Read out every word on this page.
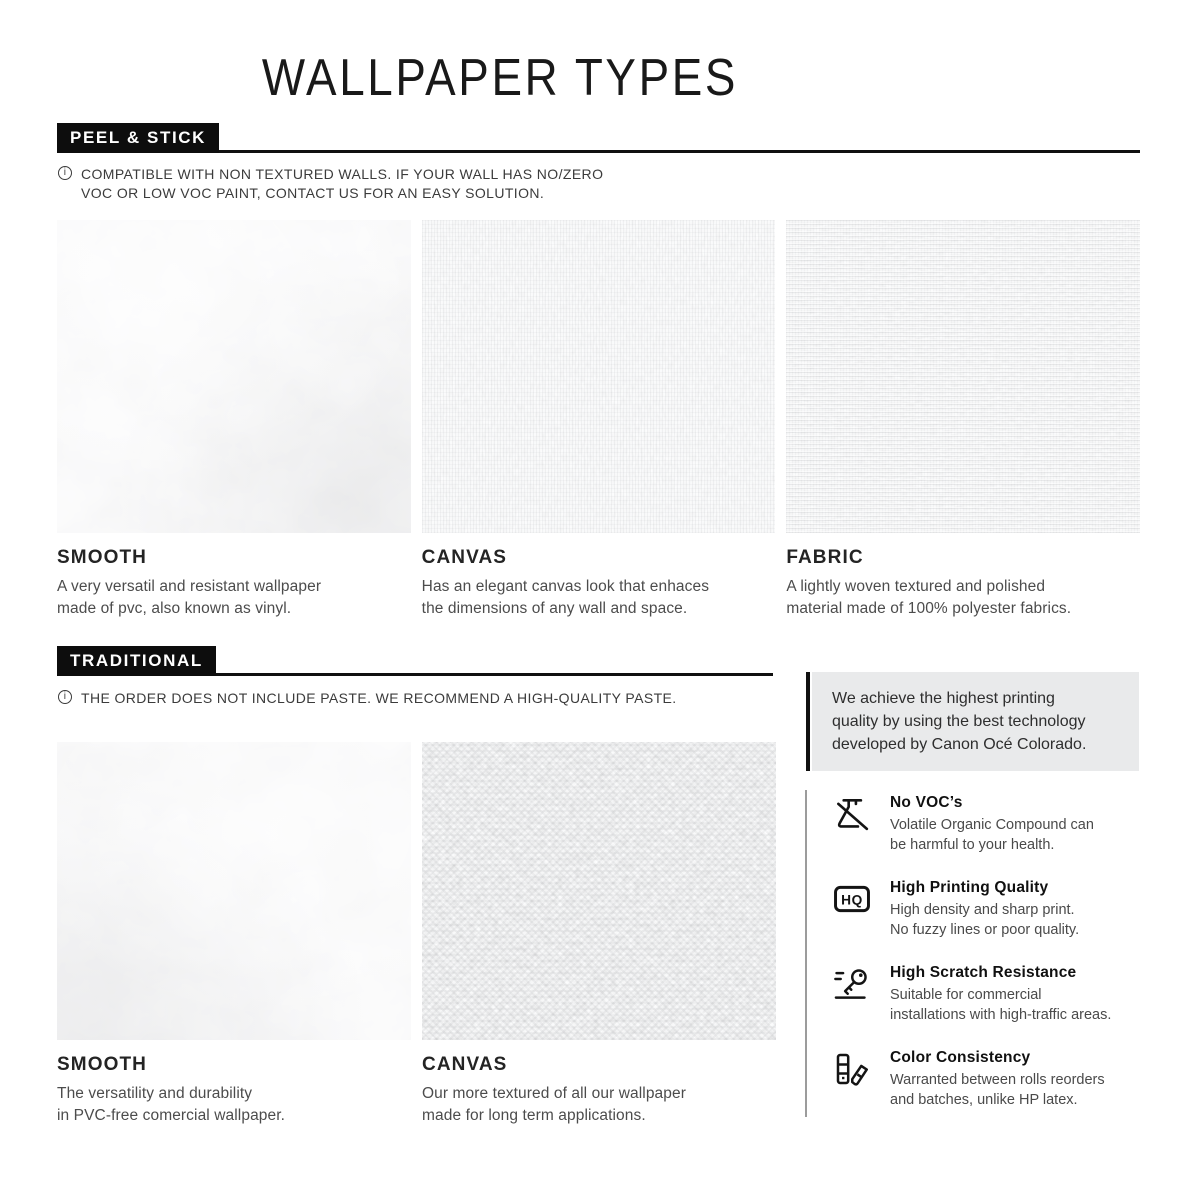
WALLPAPER TYPES
PEEL & STICK
i	COMPATIBLE WITH NON TEXTURED WALLS. IF YOUR WALL HAS NO/ZERO
VOC OR LOW VOC PAINT, CONTACT US FOR AN EASY SOLUTION.
SMOOTH

A very versatil and resistant wallpaper
made of pvc, also known as vinyl.

CANVAS

Has an elegant canvas look that enhaces
the dimensions of any wall and space.

FABRIC

A lightly woven textured and polished
material made of 100% polyester fabrics.

TRADITIONAL
i	THE ORDER DOES NOT INCLUDE PASTE. WE RECOMMEND A HIGH-QUALITY PASTE.
SMOOTH

The versatility and durability
in PVC-free comercial wallpaper.

CANVAS

Our more textured of all our wallpaper
made for long term applications.

We achieve the highest printing
quality by using the best technology
developed by Canon Océ Colorado.
No VOC’s

Volatile Organic Compound can
be harmful to your health.

HQ
High Printing Quality

High density and sharp print.
No fuzzy lines or poor quality.

High Scratch Resistance

Suitable for commercial
installations with high-traffic areas.

Color Consistency

Warranted between rolls reorders
and batches, unlike HP latex.
